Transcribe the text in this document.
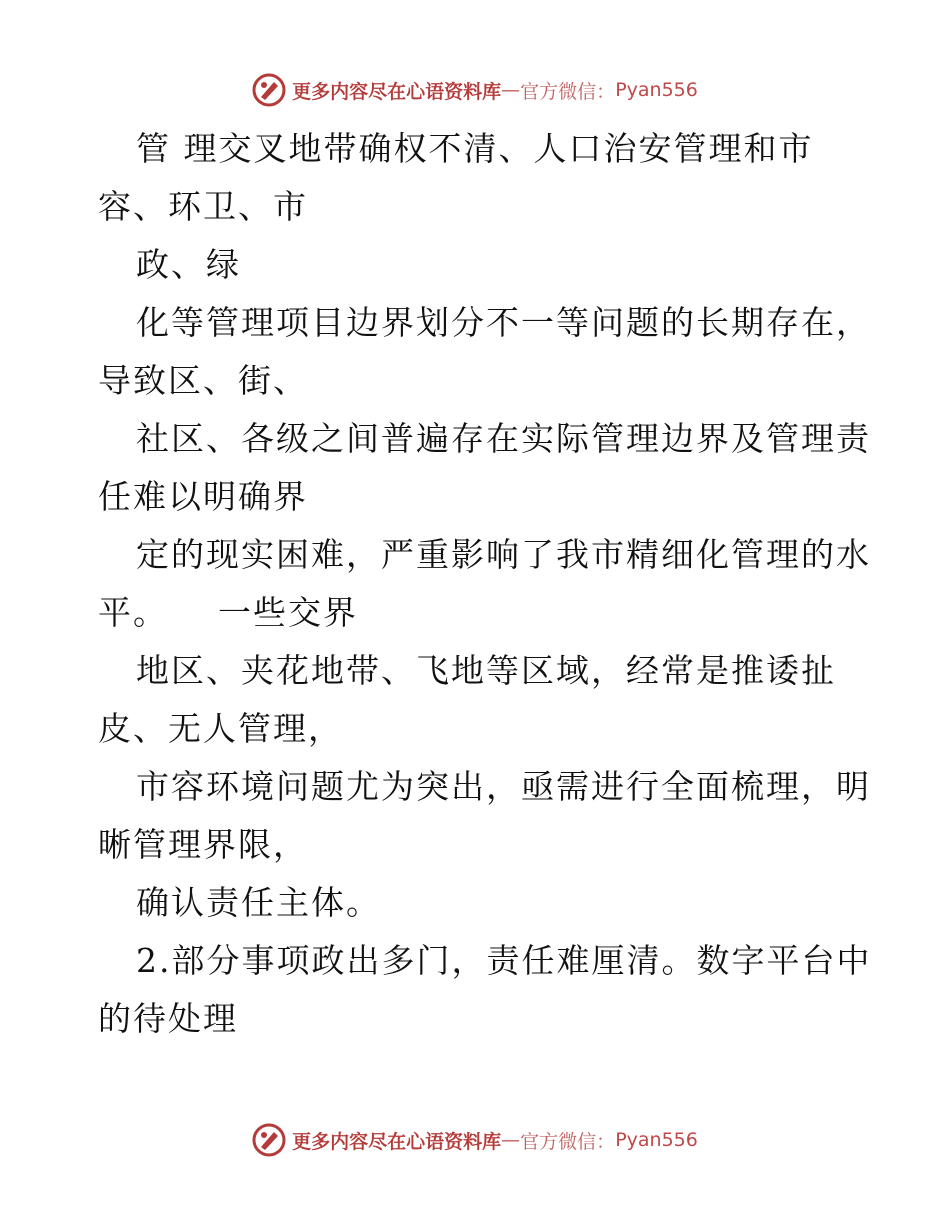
更多内容尽在心语资料库 — 官方微信： Pyan556
管 理交叉地带确权不清、人口治安管理和市
容、环卫、市
政、绿
化等管理项目边界划分不一等问题的长期存在，
导致区、街、
社区、各级之间普遍存在实际管理边界及管理责
任难以明确界
定的现实困难，严重影响了我市精细化管理的水
平。    一些交界
地区、夹花地带、飞地等区域，经常是推诿扯
皮、无人管理，
市容环境问题尤为突出，亟需进行全面梳理，明
晰管理界限，
确认责任主体。
2.部分事项政出多门，责任难厘清。数字平台中
的待处理
更多内容尽在心语资料库 — 官方微信： Pyan556
